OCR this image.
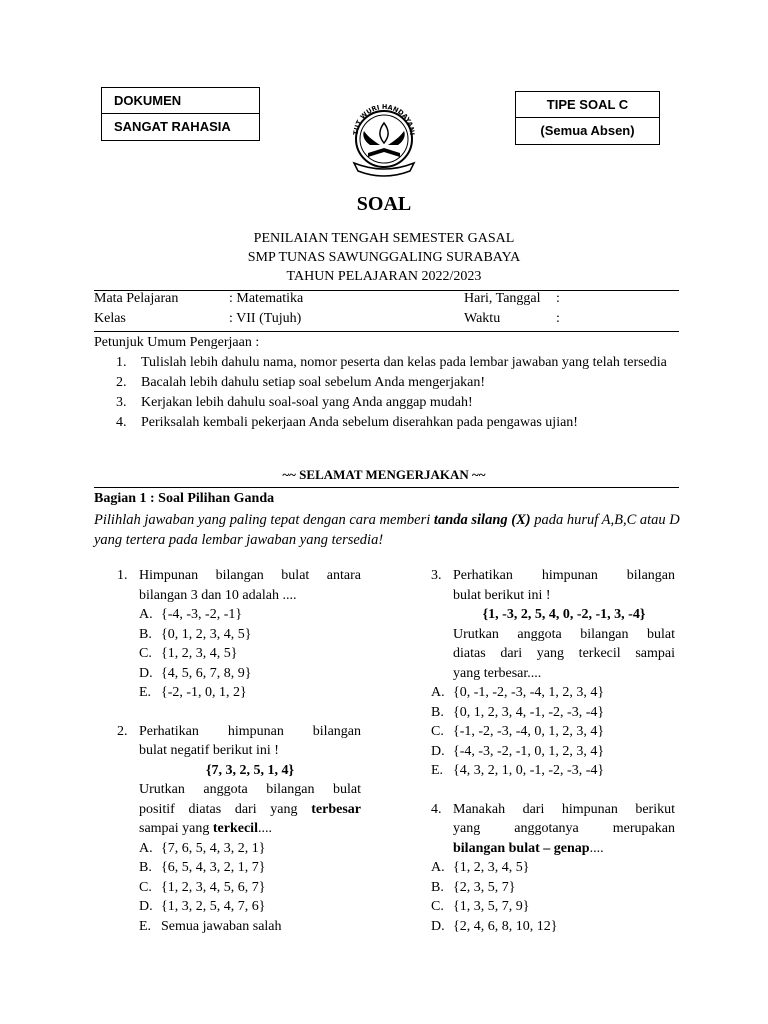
DOKUMEN
SANGAT RAHASIA
TIPE SOAL C
(Semua Absen)
TUT WURI HANDAYANI
SOAL
PENILAIAN TENGAH SEMESTER GASAL
SMP TUNAS SAWUNGGALING SURABAYA
TAHUN PELAJARAN 2022/2023
Mata Pelajaran	: Matematika	Hari, Tanggal :
Kelas	: VII (Tujuh)	Waktu	:
Petunjuk Umum Pengerjaan :
1. Tulislah lebih dahulu nama, nomor peserta dan kelas pada lembar jawaban yang telah tersedia
2. Bacalah lebih dahulu setiap soal sebelum Anda mengerjakan!
3. Kerjakan lebih dahulu soal-soal yang Anda anggap mudah!
4. Periksalah kembali pekerjaan Anda sebelum diserahkan pada pengawas ujian!
~~ SELAMAT MENGERJAKAN ~~
Bagian 1 : Soal Pilihan Ganda
Pilihlah jawaban yang paling tepat dengan cara memberi tanda silang (X) pada huruf A,B,C atau D yang tertera pada lembar jawaban yang tersedia!
1. Himpunan bilangan bulat antara
bilangan 3 dan 10 adalah ....
A. {-4, -3, -2, -1}
B. {0, 1, 2, 3, 4, 5}
C. {1, 2, 3, 4, 5}
D. {4, 5, 6, 7, 8, 9}
E. {-2, -1, 0, 1, 2}
2. Perhatikan himpunan bilangan
bulat negatif berikut ini !
{7, 3, 2, 5, 1, 4}
Urutkan anggota bilangan bulat
positif diatas dari yang terbesar
sampai yang terkecil....
A. {7, 6, 5, 4, 3, 2, 1}
B. {6, 5, 4, 3, 2, 1, 7}
C. {1, 2, 3, 4, 5, 6, 7}
D. {1, 3, 2, 5, 4, 7, 6}
E. Semua jawaban salah
3. Perhatikan himpunan bilangan
bulat berikut ini !
{1, -3, 2, 5, 4, 0, -2, -1, 3, -4}
Urutkan anggota bilangan bulat
diatas dari yang terkecil sampai
yang terbesar....
A. {0, -1, -2, -3, -4, 1, 2, 3, 4}
B. {0, 1, 2, 3, 4, -1, -2, -3, -4}
C. {-1, -2, -3, -4, 0, 1, 2, 3, 4}
D. {-4, -3, -2, -1, 0, 1, 2, 3, 4}
E. {4, 3, 2, 1, 0, -1, -2, -3, -4}
4. Manakah dari himpunan berikut
yang anggotanya merupakan
bilangan bulat – genap....
A. {1, 2, 3, 4, 5}
B. {2, 3, 5, 7}
C. {1, 3, 5, 7, 9}
D. {2, 4, 6, 8, 10, 12}
